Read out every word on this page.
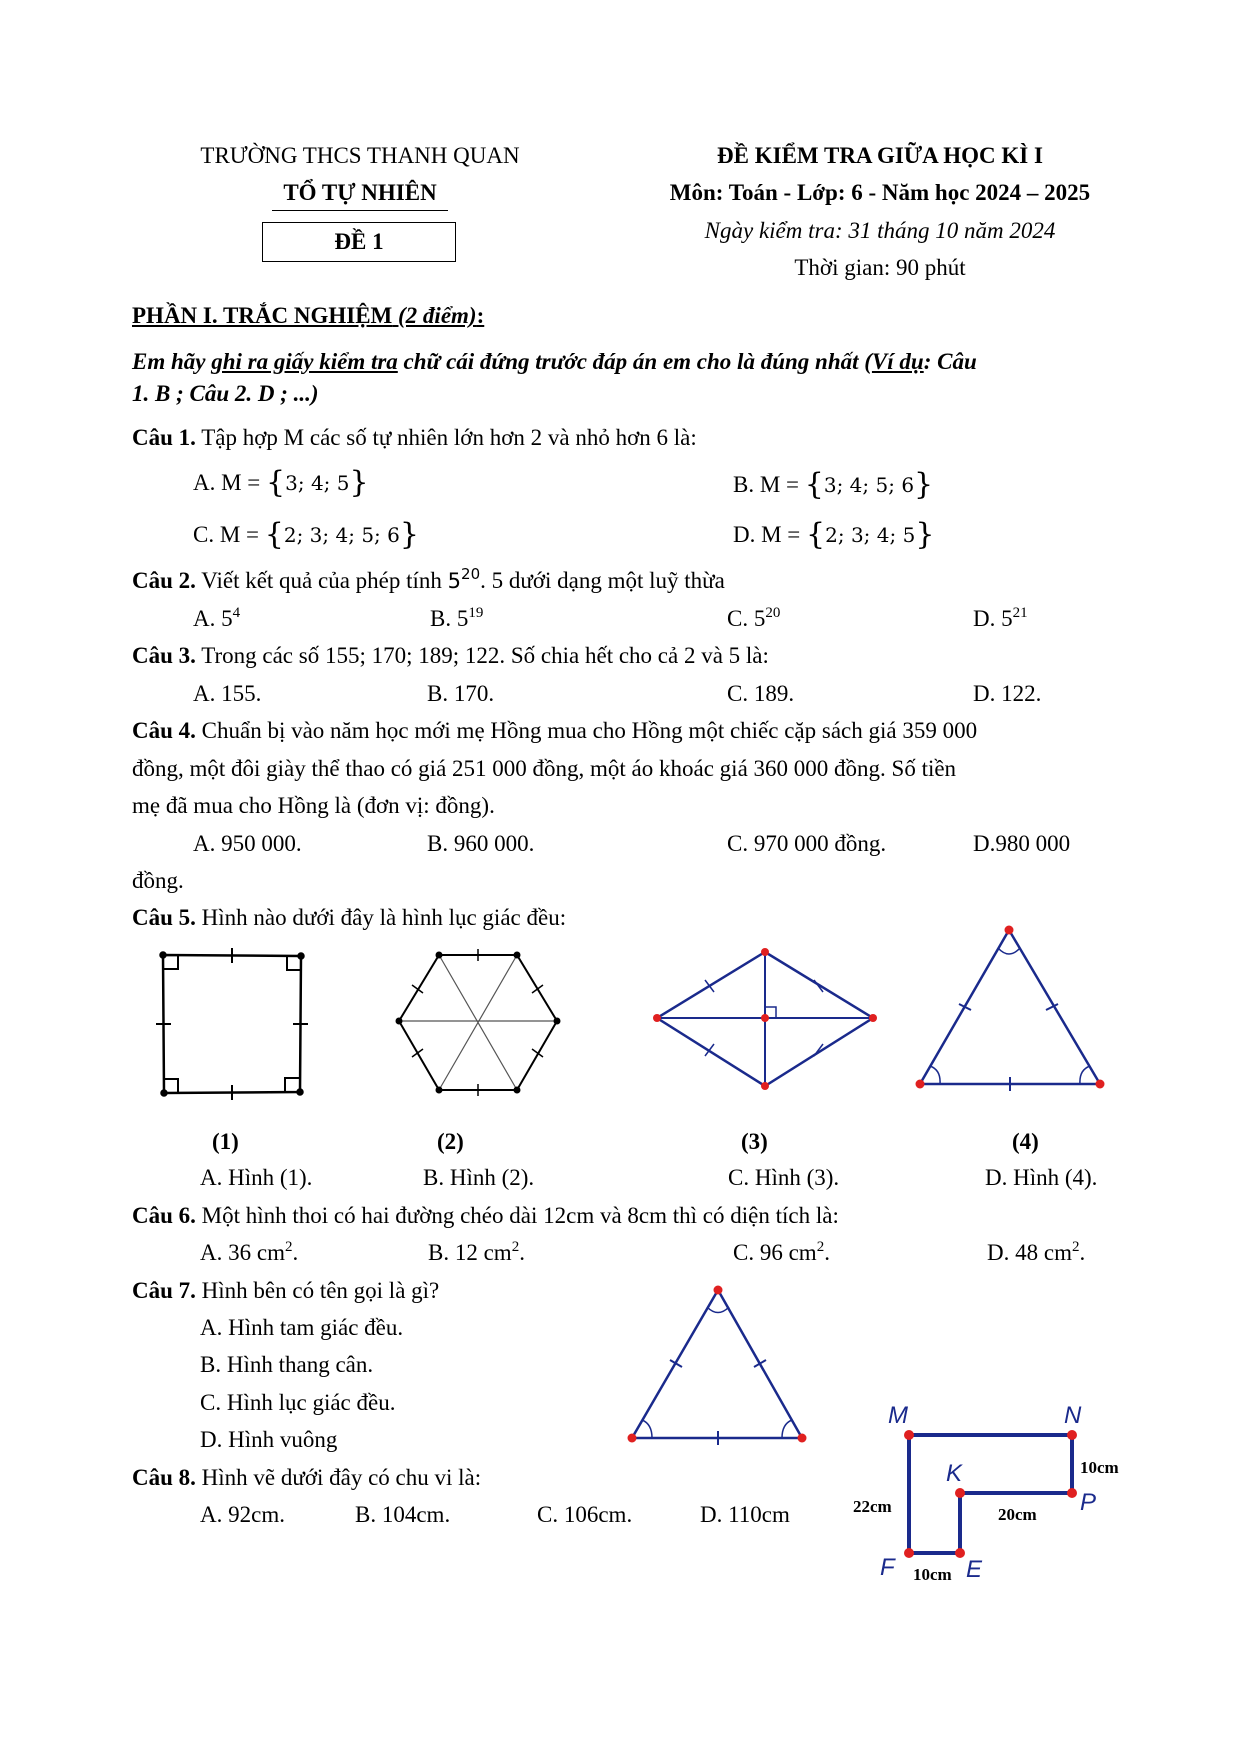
TRƯỜNG THCS THANH QUAN
TỔ TỰ NHIÊN
ĐỀ 1
ĐỀ KIỂM TRA GIỮA HỌC KÌ I
Môn: Toán - Lớp: 6 - Năm học 2024 – 2025
Ngày kiểm tra: 31 tháng 10 năm 2024
Thời gian: 90 phút
PHẦN I. TRẮC NGHIỆM (2 điểm):
Em hãy ghi ra giấy kiểm tra chữ cái đứng trước đáp án em cho là đúng nhất (Ví dụ: Câu
1. B ; Câu 2. D ; ...)
Câu 1. Tập hợp M các số tự nhiên lớn hơn 2 và nhỏ hơn 6 là:
A. M = {3; 4; 5}	B. M = {3; 4; 5; 6}
C. M = {2; 3; 4; 5; 6}	D. M = {2; 3; 4; 5}
Câu 2. Viết kết quả của phép tính $5^{20}$. 5 dưới dạng một luỹ thừa
A. $5^4$	B. $5^{19}$	C. $5^{20}$	D. $5^{21}$
Câu 3. Trong các số 155; 170; 189; 122. Số chia hết cho cả 2 và 5 là:
A. 155.	B. 170.	C. 189.	D. 122.
Câu 4. Chuẩn bị vào năm học mới mẹ Hồng mua cho Hồng một chiếc cặp sách giá 359 000
đồng, một đôi giày thể thao có giá 251 000 đồng, một áo khoác giá 360 000 đồng. Số tiền
mẹ đã mua cho Hồng là (đơn vị: đồng).
A. 950 000.	B. 960 000.	C. 970 000 đồng.	D.980 000
đồng.
Câu 5. Hình nào dưới đây là hình lục giác đều:
(1)	(2)	(3)	(4)
A. Hình (1).	B. Hình (2).	C. Hình (3).	D. Hình (4).
Câu 6. Một hình thoi có hai đường chéo dài 12cm và 8cm thì có diện tích là:
A. 36 $cm^2$.	B. 12 $cm^2$.	C. 96 $cm^2$.	D. 48 $cm^2$.
Câu 7. Hình bên có tên gọi là gì?
A. Hình tam giác đều.
B. Hình thang cân.
C. Hình lục giác đều.
D. Hình vuông
Câu 8. Hình vẽ dưới đây có chu vi là:
A. 92cm.	B. 104cm.	C. 106cm.	D. 110cm
M	N
K
P
F	E
10cm
22cm	20cm
10cm
